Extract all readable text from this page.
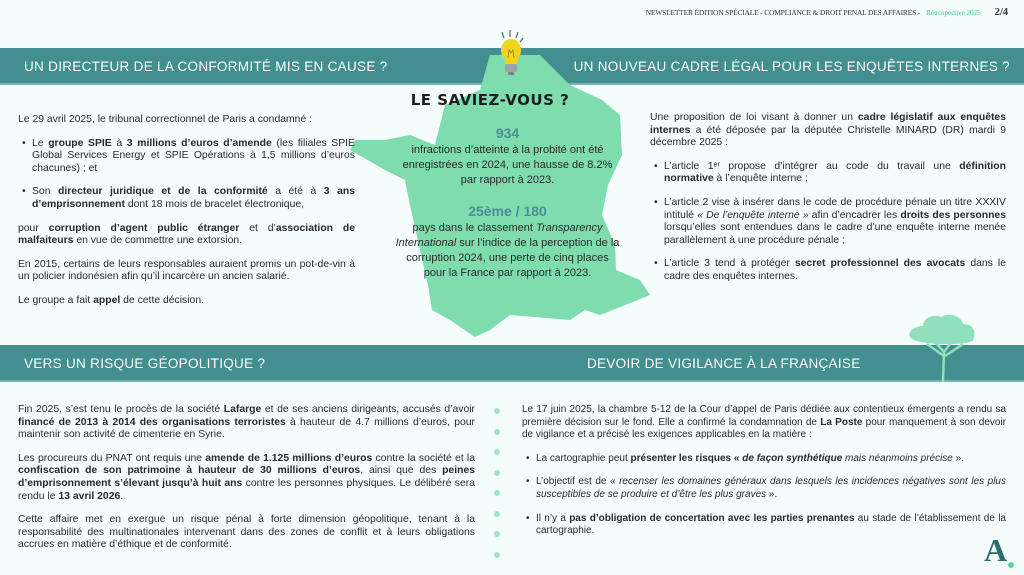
NEWSLETTER ÉDITION SPÉCIALE - COMPLIANCE & DROIT PENAL DES AFFAIRES - Rétrospective 2025 2/4
UN DIRECTEUR DE LA CONFORMITÉ MIS EN CAUSE ?	UN NOUVEAU CADRE LÉGAL POUR LES ENQUÊTES INTERNES ?
VERS UN RISQUE GÉOPOLITIQUE ?	DEVOIR DE VIGILANCE À LA FRANÇAISE

Le 29 avril 2025, le tribunal correctionnel de Paris a condamné :

• Le groupe SPIE à 3 millions d’euros d’amende (les filiales SPIE Global Services Energy et SPIE Opérations à 1,5 millions d’euros chacunes) ; et
• Son directeur juridique et de la conformité a été à 3 ans d’emprisonnement dont 18 mois de bracelet électronique,

pour corruption d’agent public étranger et d’association de malfaiteurs en vue de commettre une extorsion.

En 2015, certains de leurs responsables auraient promis un pot-de-vin à un policier indonésien afin qu’il incarcère un ancien salarié.

Le groupe a fait appel de cette décision.

Une proposition de loi visant à donner un cadre législatif aux enquêtes internes a été déposée par la députée Christelle MINARD (DR) mardi 9 décembre 2025 :

• L’article 1ᵉʳ propose d’intégrer au code du travail une définition normative à l’enquête interne ;
• L’article 2 vise à insérer dans le code de procédure pénale un titre XXXIV intitulé « De l’enquête interne » afin d’encadrer les droits des personnes lorsqu’elles sont entendues dans le cadre d’une enquête interne menée parallèlement à une procédure pénale ;
• L’article 3 tend à protéger secret professionnel des avocats dans le cadre des enquêtes internes.

Fin 2025, s’est tenu le procès de la société Lafarge et de ses anciens dirigeants, accusés d’avoir financé de 2013 à 2014 des organisations terroristes à hauteur de 4.7 millions d’euros, pour maintenir son activité de cimenterie en Syrie.

Les procureurs du PNAT ont requis une amende de 1.125 millions d’euros contre la société et la confiscation de son patrimoine à hauteur de 30 millions d’euros, ainsi que des peines d’emprisonnement s’élevant jusqu’à huit ans contre les personnes physiques. Le délibéré sera rendu le 13 avril 2026.

Cette affaire met en exergue un risque pénal à forte dimension géopolitique, tenant à la responsabilité des multinationales intervenant dans des zones de conflit et à leurs obligations accrues en matière d’éthique et de conformité.

Le 17 juin 2025, la chambre 5-12 de la Cour d’appel de Paris dédiée aux contentieux émergents a rendu sa première décision sur le fond. Elle a confirmé la condamnation de La Poste pour manquement à son devoir de vigilance et a précisé les exigences applicables en la matière :

• La cartographie peut présenter les risques « de façon synthétique mais néanmoins précise ».
• L’objectif est de « recenser les domaines généraux dans lesquels les incidences négatives sont les plus susceptibles de se produire et d’être les plus graves ».
• Il n’y a pas d’obligation de concertation avec les parties prenantes au stade de l’établissement de la cartographie.
LE SAVIEZ-VOUS ?
934
infractions d’atteinte à la probité ont été enregistrées en 2024, une hausse de 8.2% par rapport à 2023.
25ème / 180
pays dans le classement Transparency International sur l’indice de la perception de la corruption 2024, une perte de cinq places pour la France par rapport à 2023.
A
